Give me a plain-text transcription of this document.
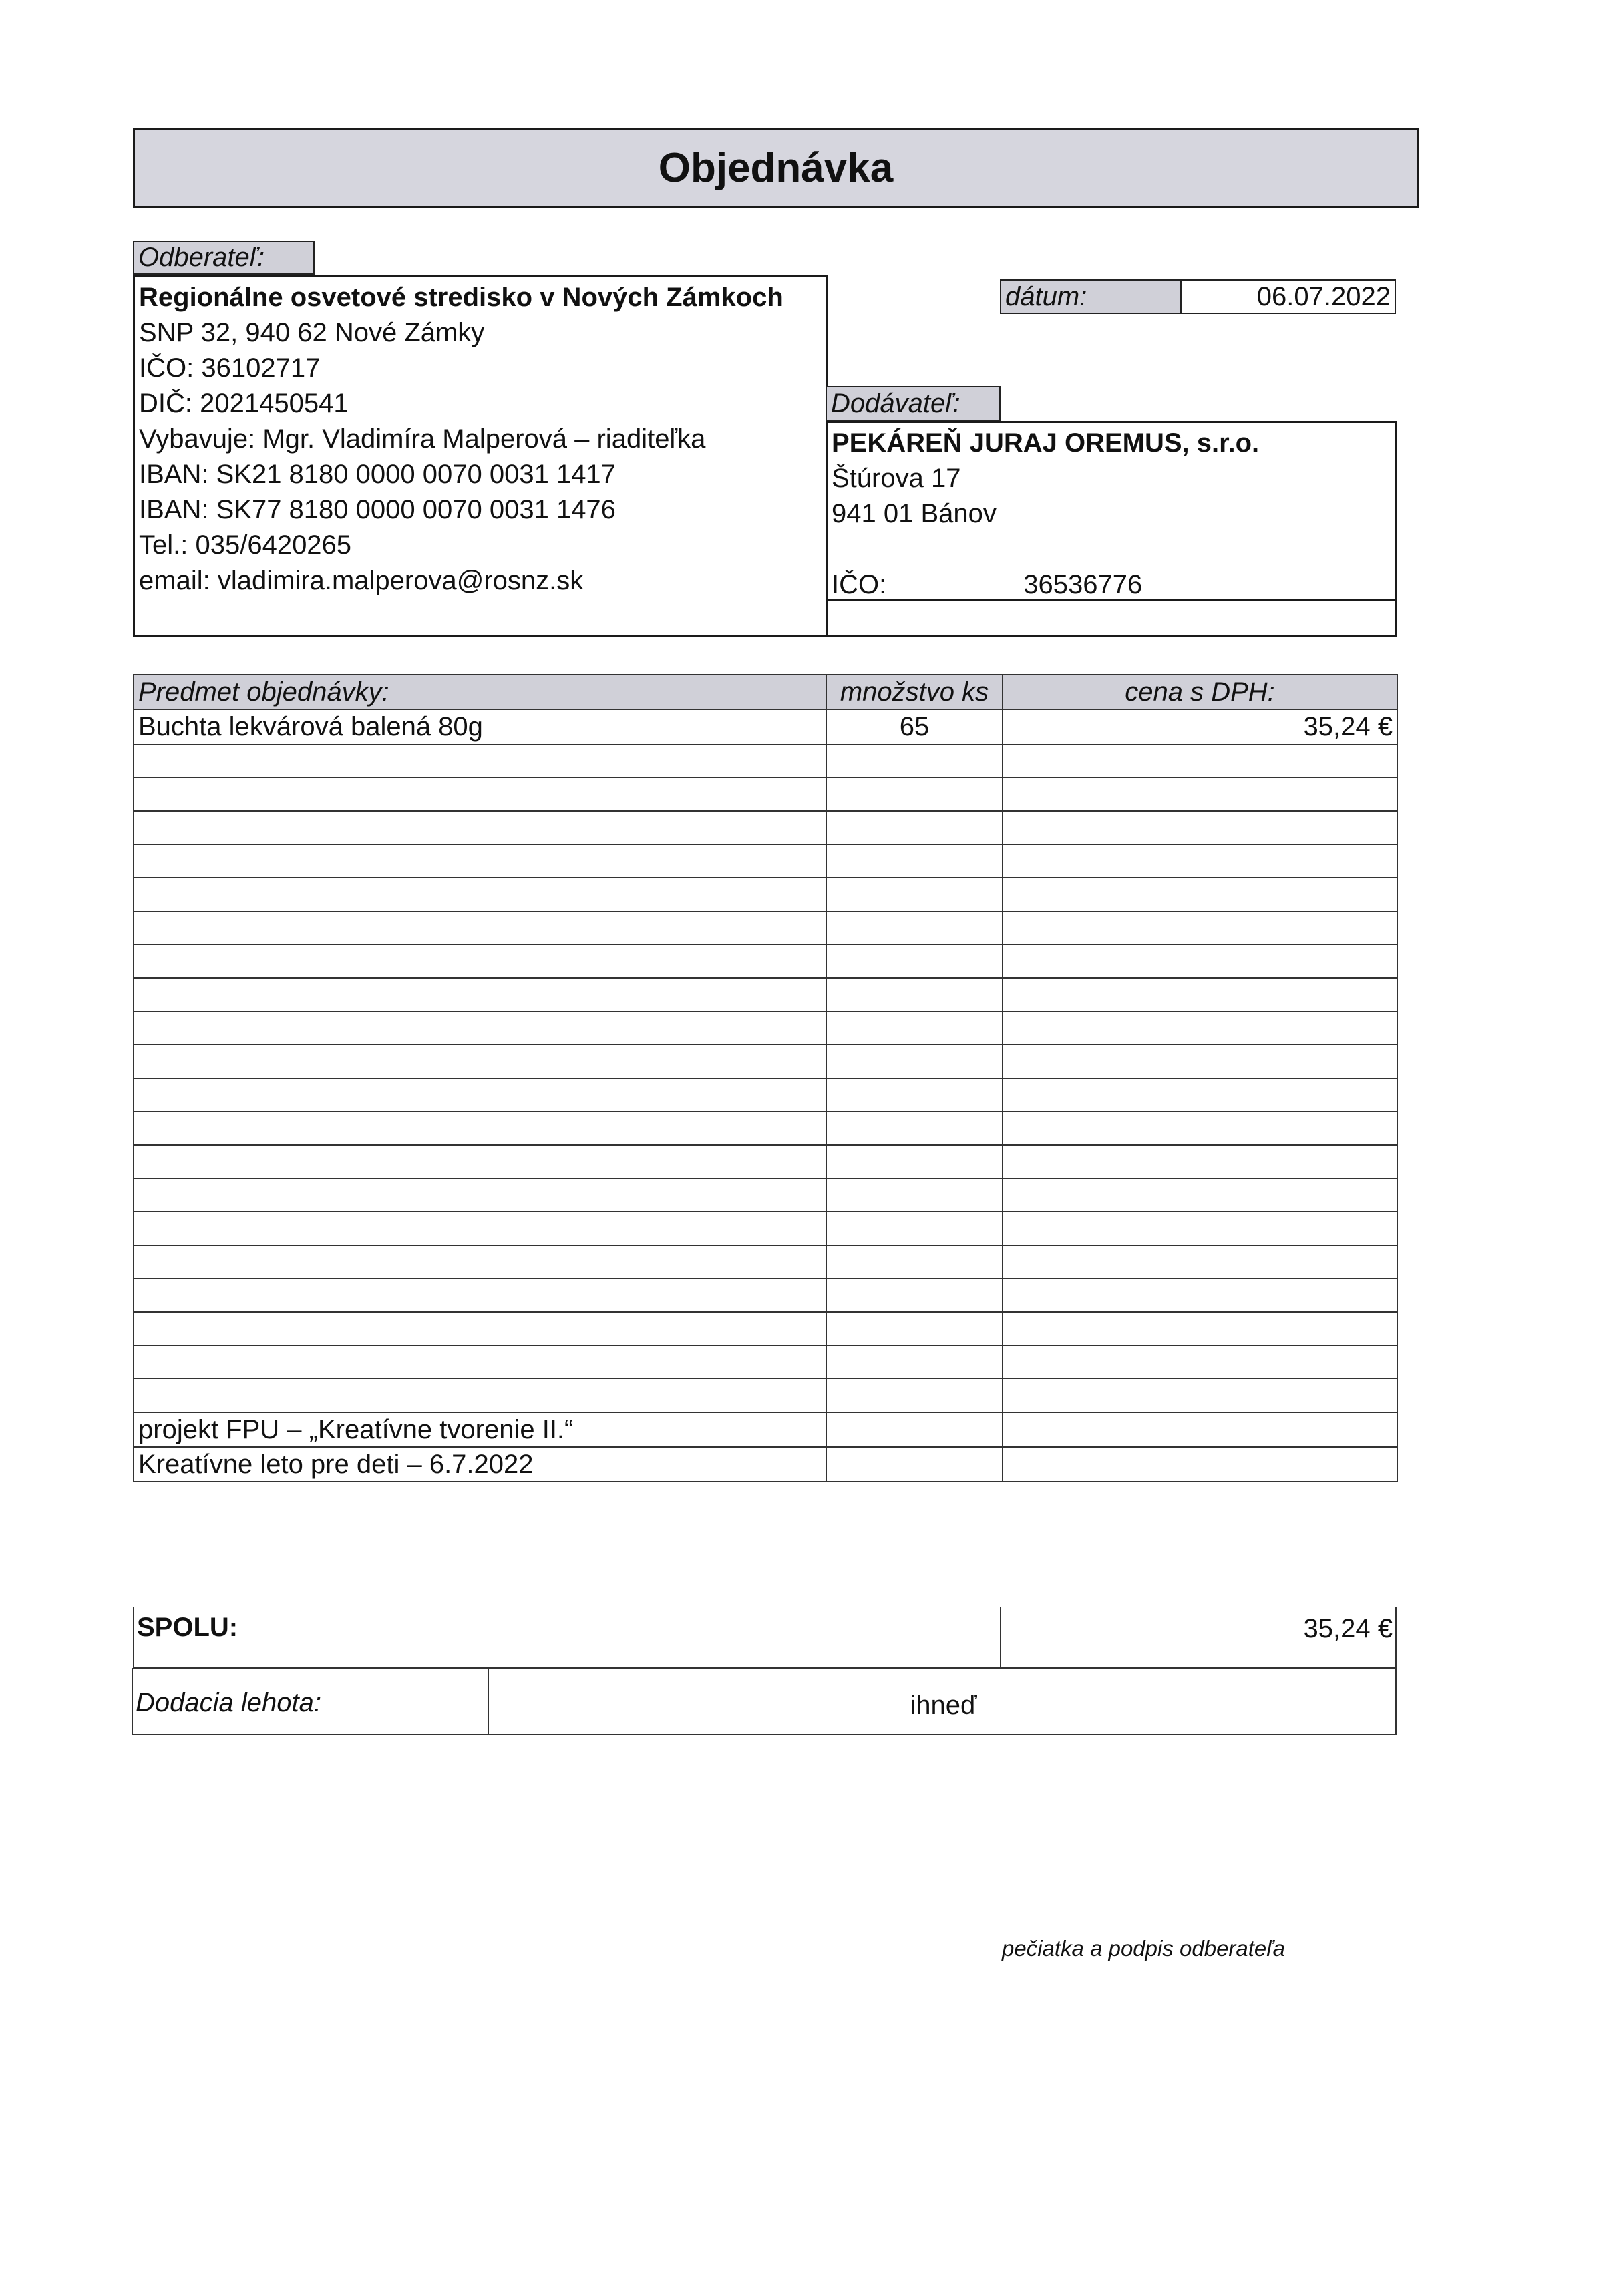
Objednávka
Odberateľ:
Regionálne osvetové stredisko v Nových Zámkoch
SNP 32, 940 62 Nové Zámky
IČO: 36102717
DIČ: 2021450541
Vybavuje: Mgr. Vladimíra Malperová – riaditeľka
IBAN: SK21 8180 0000 0070 0031 1417
IBAN: SK77 8180 0000 0070 0031 1476
Tel.: 035/6420265
email: vladimira.malperova@rosnz.sk
dátum:	06.07.2022
Dodávateľ:
PEKÁREŇ JURAJ OREMUS, s.r.o.
Štúrova 17
941 01 Bánov
IČO:	36536776
Predmet objednávky:	množstvo ks	cena s DPH:
Buchta lekvárová balená 80g	65	35,24 €

projekt FPU – „Kreatívne tvorenie II.“		
Kreatívne leto pre deti – 6.7.2022		
SPOLU:	35,24 €
Dodacia lehota:	ihneď
pečiatka a podpis odberateľa
